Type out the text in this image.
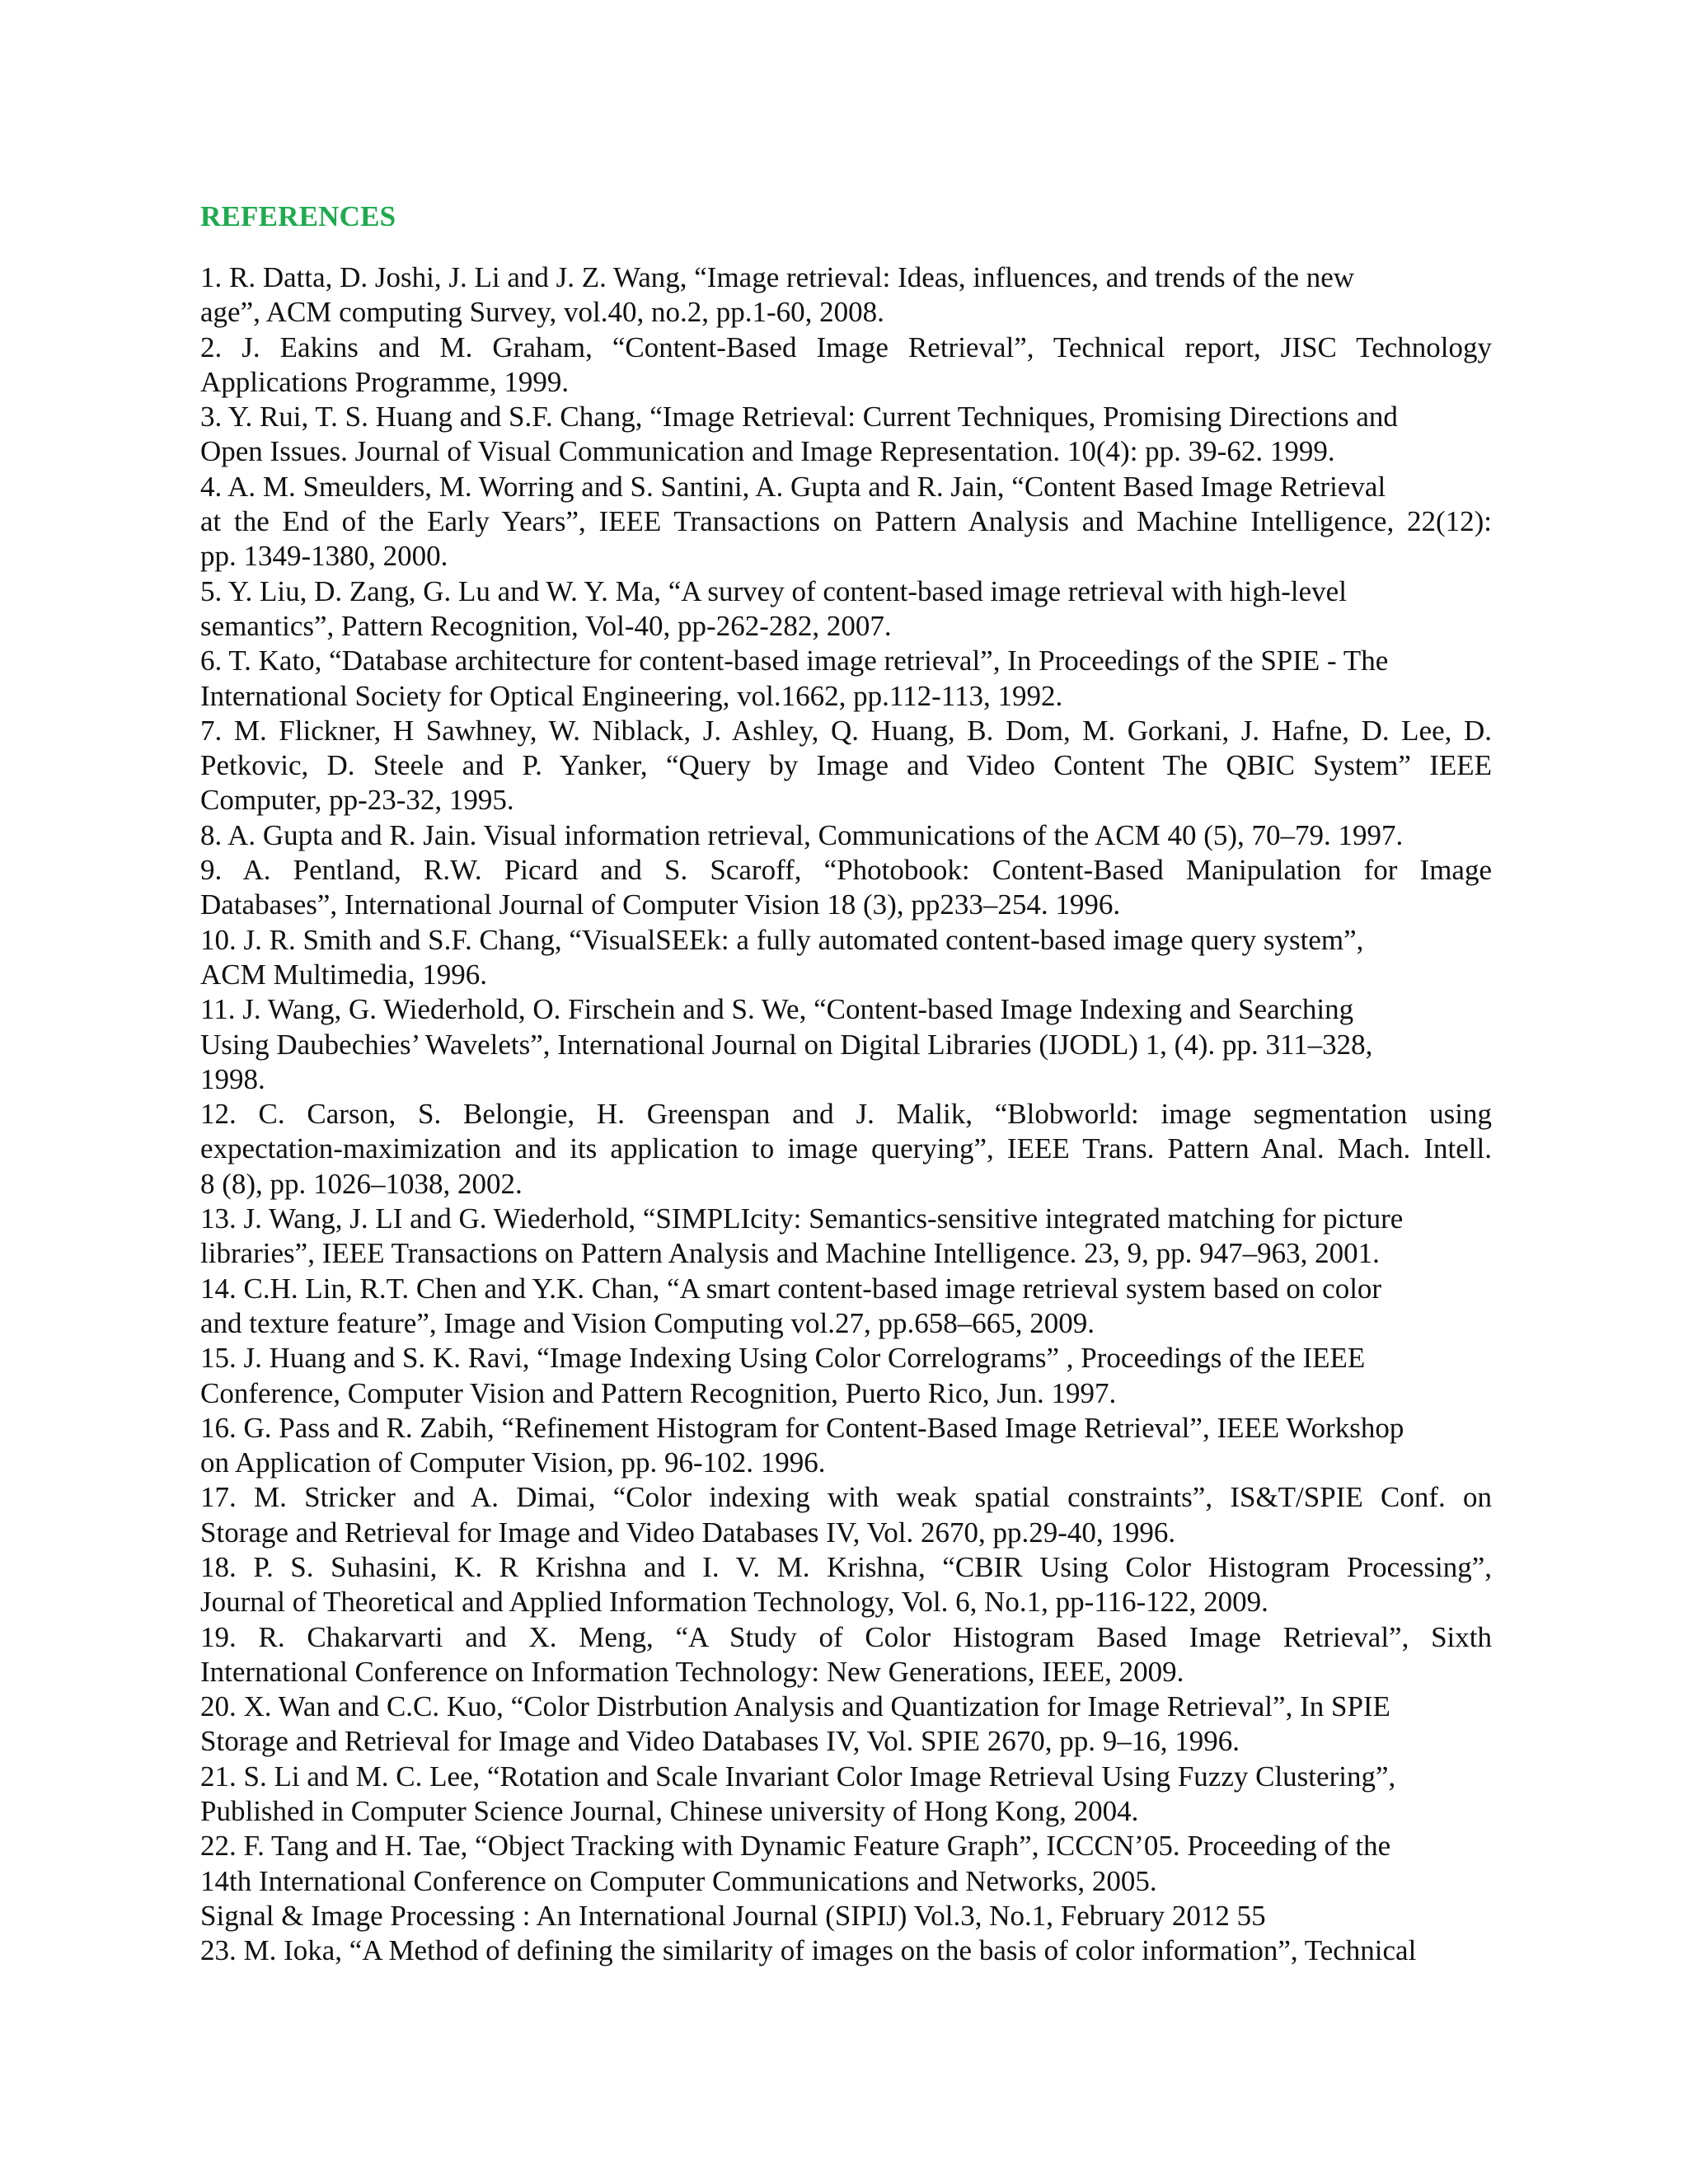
REFERENCES
1. R. Datta, D. Joshi, J. Li and J. Z. Wang, “Image retrieval: Ideas, influences, and trends of the new
age”, ACM computing Survey, vol.40, no.2, pp.1-60, 2008.
2. J. Eakins and M. Graham, “Content-Based Image Retrieval”, Technical report, JISC Technology
Applications Programme, 1999.
3. Y. Rui, T. S. Huang and S.F. Chang, “Image Retrieval: Current Techniques, Promising Directions and
Open Issues. Journal of Visual Communication and Image Representation. 10(4): pp. 39-62. 1999.
4. A. M. Smeulders, M. Worring and S. Santini, A. Gupta and R. Jain, “Content Based Image Retrieval
at the End of the Early Years”, IEEE Transactions on Pattern Analysis and Machine Intelligence, 22(12):
pp. 1349-1380, 2000.
5. Y. Liu, D. Zang, G. Lu and W. Y. Ma, “A survey of content-based image retrieval with high-level
semantics”, Pattern Recognition, Vol-40, pp-262-282, 2007.
6. T. Kato, “Database architecture for content-based image retrieval”, In Proceedings of the SPIE - The
International Society for Optical Engineering, vol.1662, pp.112-113, 1992.
7. M. Flickner, H Sawhney, W. Niblack, J. Ashley, Q. Huang, B. Dom, M. Gorkani, J. Hafne, D. Lee, D.
Petkovic, D. Steele and P. Yanker, “Query by Image and Video Content The QBIC System” IEEE
Computer, pp-23-32, 1995.
8. A. Gupta and R. Jain. Visual information retrieval, Communications of the ACM 40 (5), 70–79. 1997.
9. A. Pentland, R.W. Picard and S. Scaroff, “Photobook: Content-Based Manipulation for Image
Databases”, International Journal of Computer Vision 18 (3), pp233–254. 1996.
10. J. R. Smith and S.F. Chang, “VisualSEEk: a fully automated content-based image query system”,
ACM Multimedia, 1996.
11. J. Wang, G. Wiederhold, O. Firschein and S. We, “Content-based Image Indexing and Searching
Using Daubechies’ Wavelets”, International Journal on Digital Libraries (IJODL) 1, (4). pp. 311–328,
1998.
12. C. Carson, S. Belongie, H. Greenspan and J. Malik, “Blobworld: image segmentation using
expectation-maximization and its application to image querying”, IEEE Trans. Pattern Anal. Mach. Intell.
8 (8), pp. 1026–1038, 2002.
13. J. Wang, J. LI and G. Wiederhold, “SIMPLIcity: Semantics-sensitive integrated matching for picture
libraries”, IEEE Transactions on Pattern Analysis and Machine Intelligence. 23, 9, pp. 947–963, 2001.
14. C.H. Lin, R.T. Chen and Y.K. Chan, “A smart content-based image retrieval system based on color
and texture feature”, Image and Vision Computing vol.27, pp.658–665, 2009.
15. J. Huang and S. K. Ravi, “Image Indexing Using Color Correlograms” , Proceedings of the IEEE
Conference, Computer Vision and Pattern Recognition, Puerto Rico, Jun. 1997.
16. G. Pass and R. Zabih, “Refinement Histogram for Content-Based Image Retrieval”, IEEE Workshop
on Application of Computer Vision, pp. 96-102. 1996.
17. M. Stricker and A. Dimai, “Color indexing with weak spatial constraints”, IS&T/SPIE Conf. on
Storage and Retrieval for Image and Video Databases IV, Vol. 2670, pp.29-40, 1996.
18. P. S. Suhasini, K. R Krishna and I. V. M. Krishna, “CBIR Using Color Histogram Processing”,
Journal of Theoretical and Applied Information Technology, Vol. 6, No.1, pp-116-122, 2009.
19. R. Chakarvarti and X. Meng, “A Study of Color Histogram Based Image Retrieval”, Sixth
International Conference on Information Technology: New Generations, IEEE, 2009.
20. X. Wan and C.C. Kuo, “Color Distrbution Analysis and Quantization for Image Retrieval”, In SPIE
Storage and Retrieval for Image and Video Databases IV, Vol. SPIE 2670, pp. 9–16, 1996.
21. S. Li and M. C. Lee, “Rotation and Scale Invariant Color Image Retrieval Using Fuzzy Clustering”,
Published in Computer Science Journal, Chinese university of Hong Kong, 2004.
22. F. Tang and H. Tae, “Object Tracking with Dynamic Feature Graph”, ICCCN’05. Proceeding of the
14th International Conference on Computer Communications and Networks, 2005.
Signal & Image Processing : An International Journal (SIPIJ) Vol.3, No.1, February 2012 55
23. M. Ioka, “A Method of defining the similarity of images on the basis of color information”, Technical
